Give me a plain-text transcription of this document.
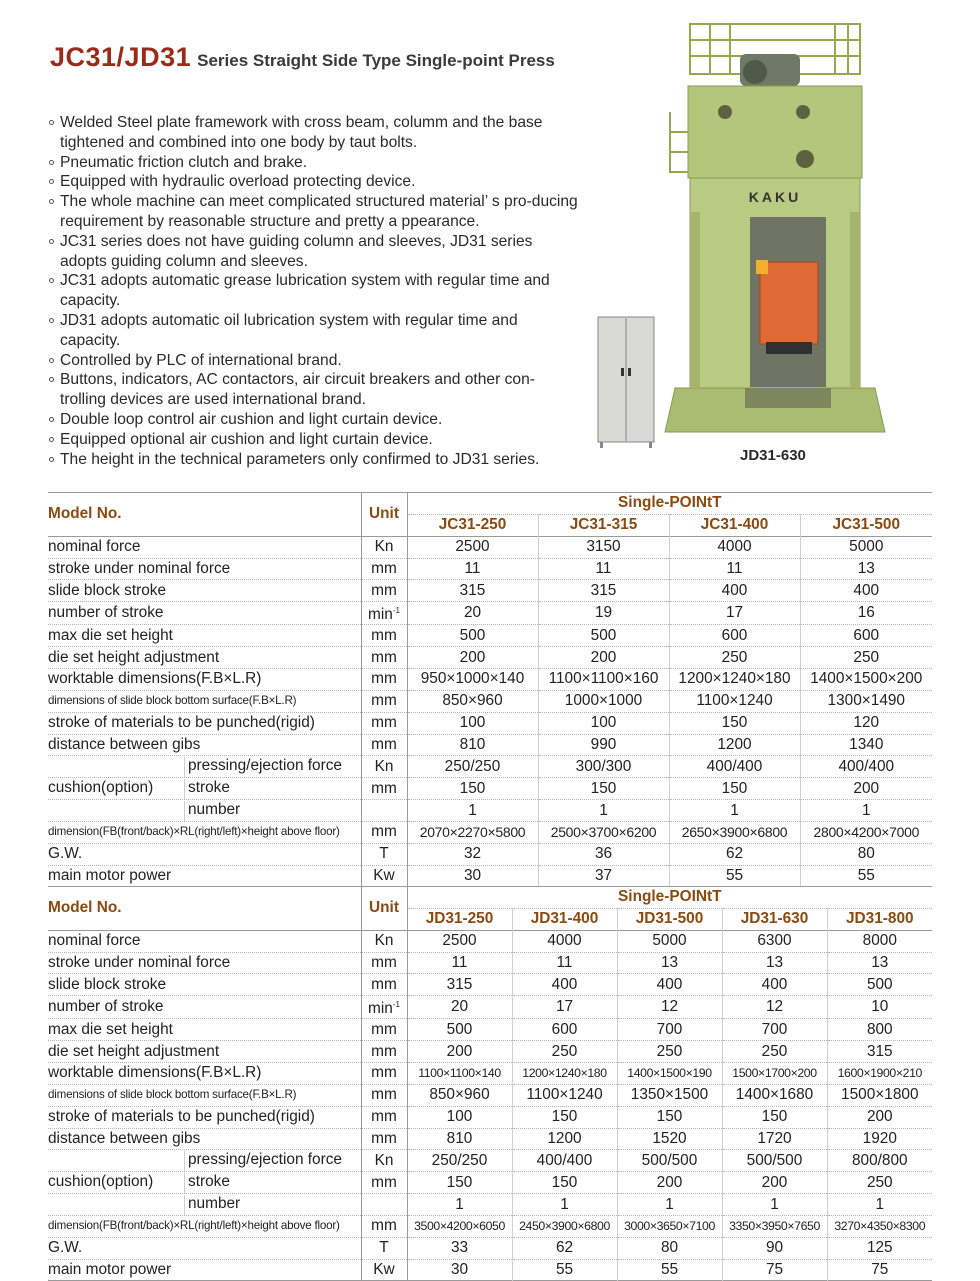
JC31/JD31 Series Straight Side Type Single-point Press
Welded Steel plate framework with cross beam, columm and the base tightened and combined into one body by taut bolts.
Pneumatic friction clutch and brake.
Equipped with hydraulic overload protecting device.
The whole machine can meet complicated structured material’ s pro-ducing requirement by reasonable structure and pretty a ppearance.
JC31 series does not have guiding column and sleeves, JD31 series adopts guiding column and sleeves.
JC31 adopts automatic grease lubrication system with regular time and capacity.
JD31 adopts automatic oil lubrication system with regular time and capacity.
Controlled by PLC of international brand.
Buttons, indicators, AC contactors, air circuit breakers and other con-trolling devices are used international brand.
Double loop control air cushion and light curtain device.
Equipped optional air cushion and light curtain device.
The height in the technical parameters only confirmed to JD31 series.
KAKU
JD31-630
Model No.	Unit	Single-POINtT			
		JC31-250	JC31-315	JC31-400	JC31-500
nominal force	Kn	2500	3150	4000	5000
stroke under nominal force	mm	11	11	11	13
slide block stroke	mm	315	315	400	400
number of stroke	$\min^{-1}$	20	19	17	16
max die set height	mm	500	500	600	600
die set height adjustment	mm	200	200	250	250
worktable dimensions(F.B×L.R)	mm	950×1000×140	1100×1100×160	1200×1240×180	1400×1500×200
dimensions of slide block bottom surface(F.B×L.R)	mm	850×960	1000×1000	1100×1240	1300×1490
stroke of materials to be punched(rigid)	mm	100	100	150	120
distance between gibs	mm	810	990	1200	1340

pressing/ejection force	Kn	250/250	300/300	400/400	400/400

cushion(option) stroke	mm	150	150	150	200

number		1	1	1	1
dimension(FB(front/back)×RL(right/left)×height above floor)	mm	2070×2270×5800	2500×3700×6200	2650×3900×6800	2800×4200×7000
G.W.	T	32	36	62	80
main motor power	Kw	30	37	55	55
Model No.	Unit	Single-POINtT				
		JD31-250	JD31-400	JD31-500	JD31-630	JD31-800
nominal force	Kn	2500	4000	5000	6300	8000
stroke under nominal force	mm	11	11	13	13	13
slide block stroke	mm	315	400	400	400	500
number of stroke	$\min^{-1}$	20	17	12	12	10
max die set height	mm	500	600	700	700	800
die set height adjustment	mm	200	250	250	250	315
worktable dimensions(F.B×L.R)	mm	1100×1100×140	1200×1240×180	1400×1500×190	1500×1700×200	1600×1900×210
dimensions of slide block bottom surface(F.B×L.R)	mm	850×960	1100×1240	1350×1500	1400×1680	1500×1800
stroke of materials to be punched(rigid)	mm	100	150	150	150	200
distance between gibs	mm	810	1200	1520	1720	1920

pressing/ejection force	Kn	250/250	400/400	500/500	500/500	800/800

cushion(option) stroke	mm	150	150	200	200	250

number		1	1	1	1	1
dimension(FB(front/back)×RL(right/left)×height above floor)	mm	3500×4200×6050	2450×3900×6800	3000×3650×7100	3350×3950×7650	3270×4350×8300
G.W.	T	33	62	80	90	125
main motor power	Kw	30	55	55	75	75
